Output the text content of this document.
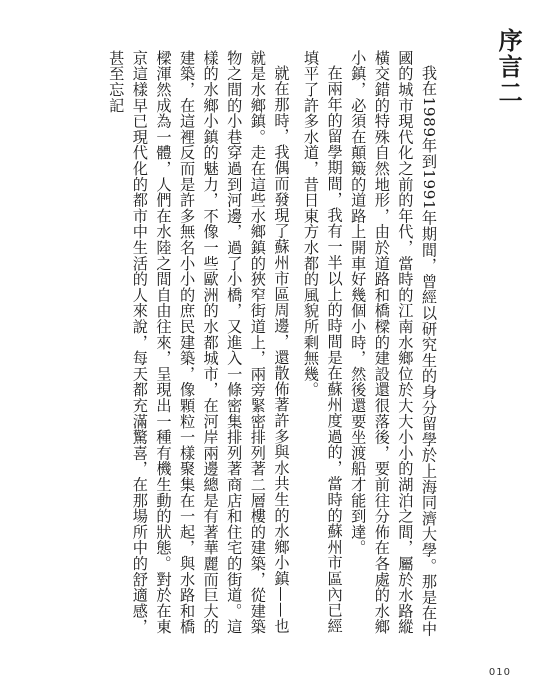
序言二

我在1989年到1991年期間，曾經以研究生的身分留學於上海同濟大學。那是在中國的城市現代化之前的年代，當時的江南水鄉位於大大小小的湖泊之間，屬於水路縱橫交錯的特殊自然地形，由於道路和橋樑的建設還很落後，要前往分佈在各處的水鄉小鎮，必須在顛簸的道路上開車好幾個小時，然後還要坐渡船才能到達。

在兩年的留學期間，我有一半以上的時間是在蘇州度過的，當時的蘇州市區內已經填平了許多水道，昔日東方水都的風貌所剩無幾。

就在那時，我偶而發現了蘇州市區周邊，還散佈著許多與水共生的水鄉小鎮——也就是水鄉鎮。走在這些水鄉鎮的狹窄街道上，兩旁緊密排列著二層樓的建築，從建築物之間的小巷穿過到河邊，過了小橋，又進入一條密集排列著商店和住宅的街道。這樣的水鄉小鎮的魅力，不像一些歐洲的水都城市，在河岸兩邊總是有著華麗而巨大的建築，在這裡反而是許多無名小小的庶民建築，像顆粒一樣聚集在一起，與水路和橋樑渾然成為一體，人們在水陸之間自由往來，呈現出一種有機生動的狀態。對於在東京這樣早已現代化的都市中生活的人來說，每天都充滿驚喜，在那場所中的舒適感，甚至忘記

010
